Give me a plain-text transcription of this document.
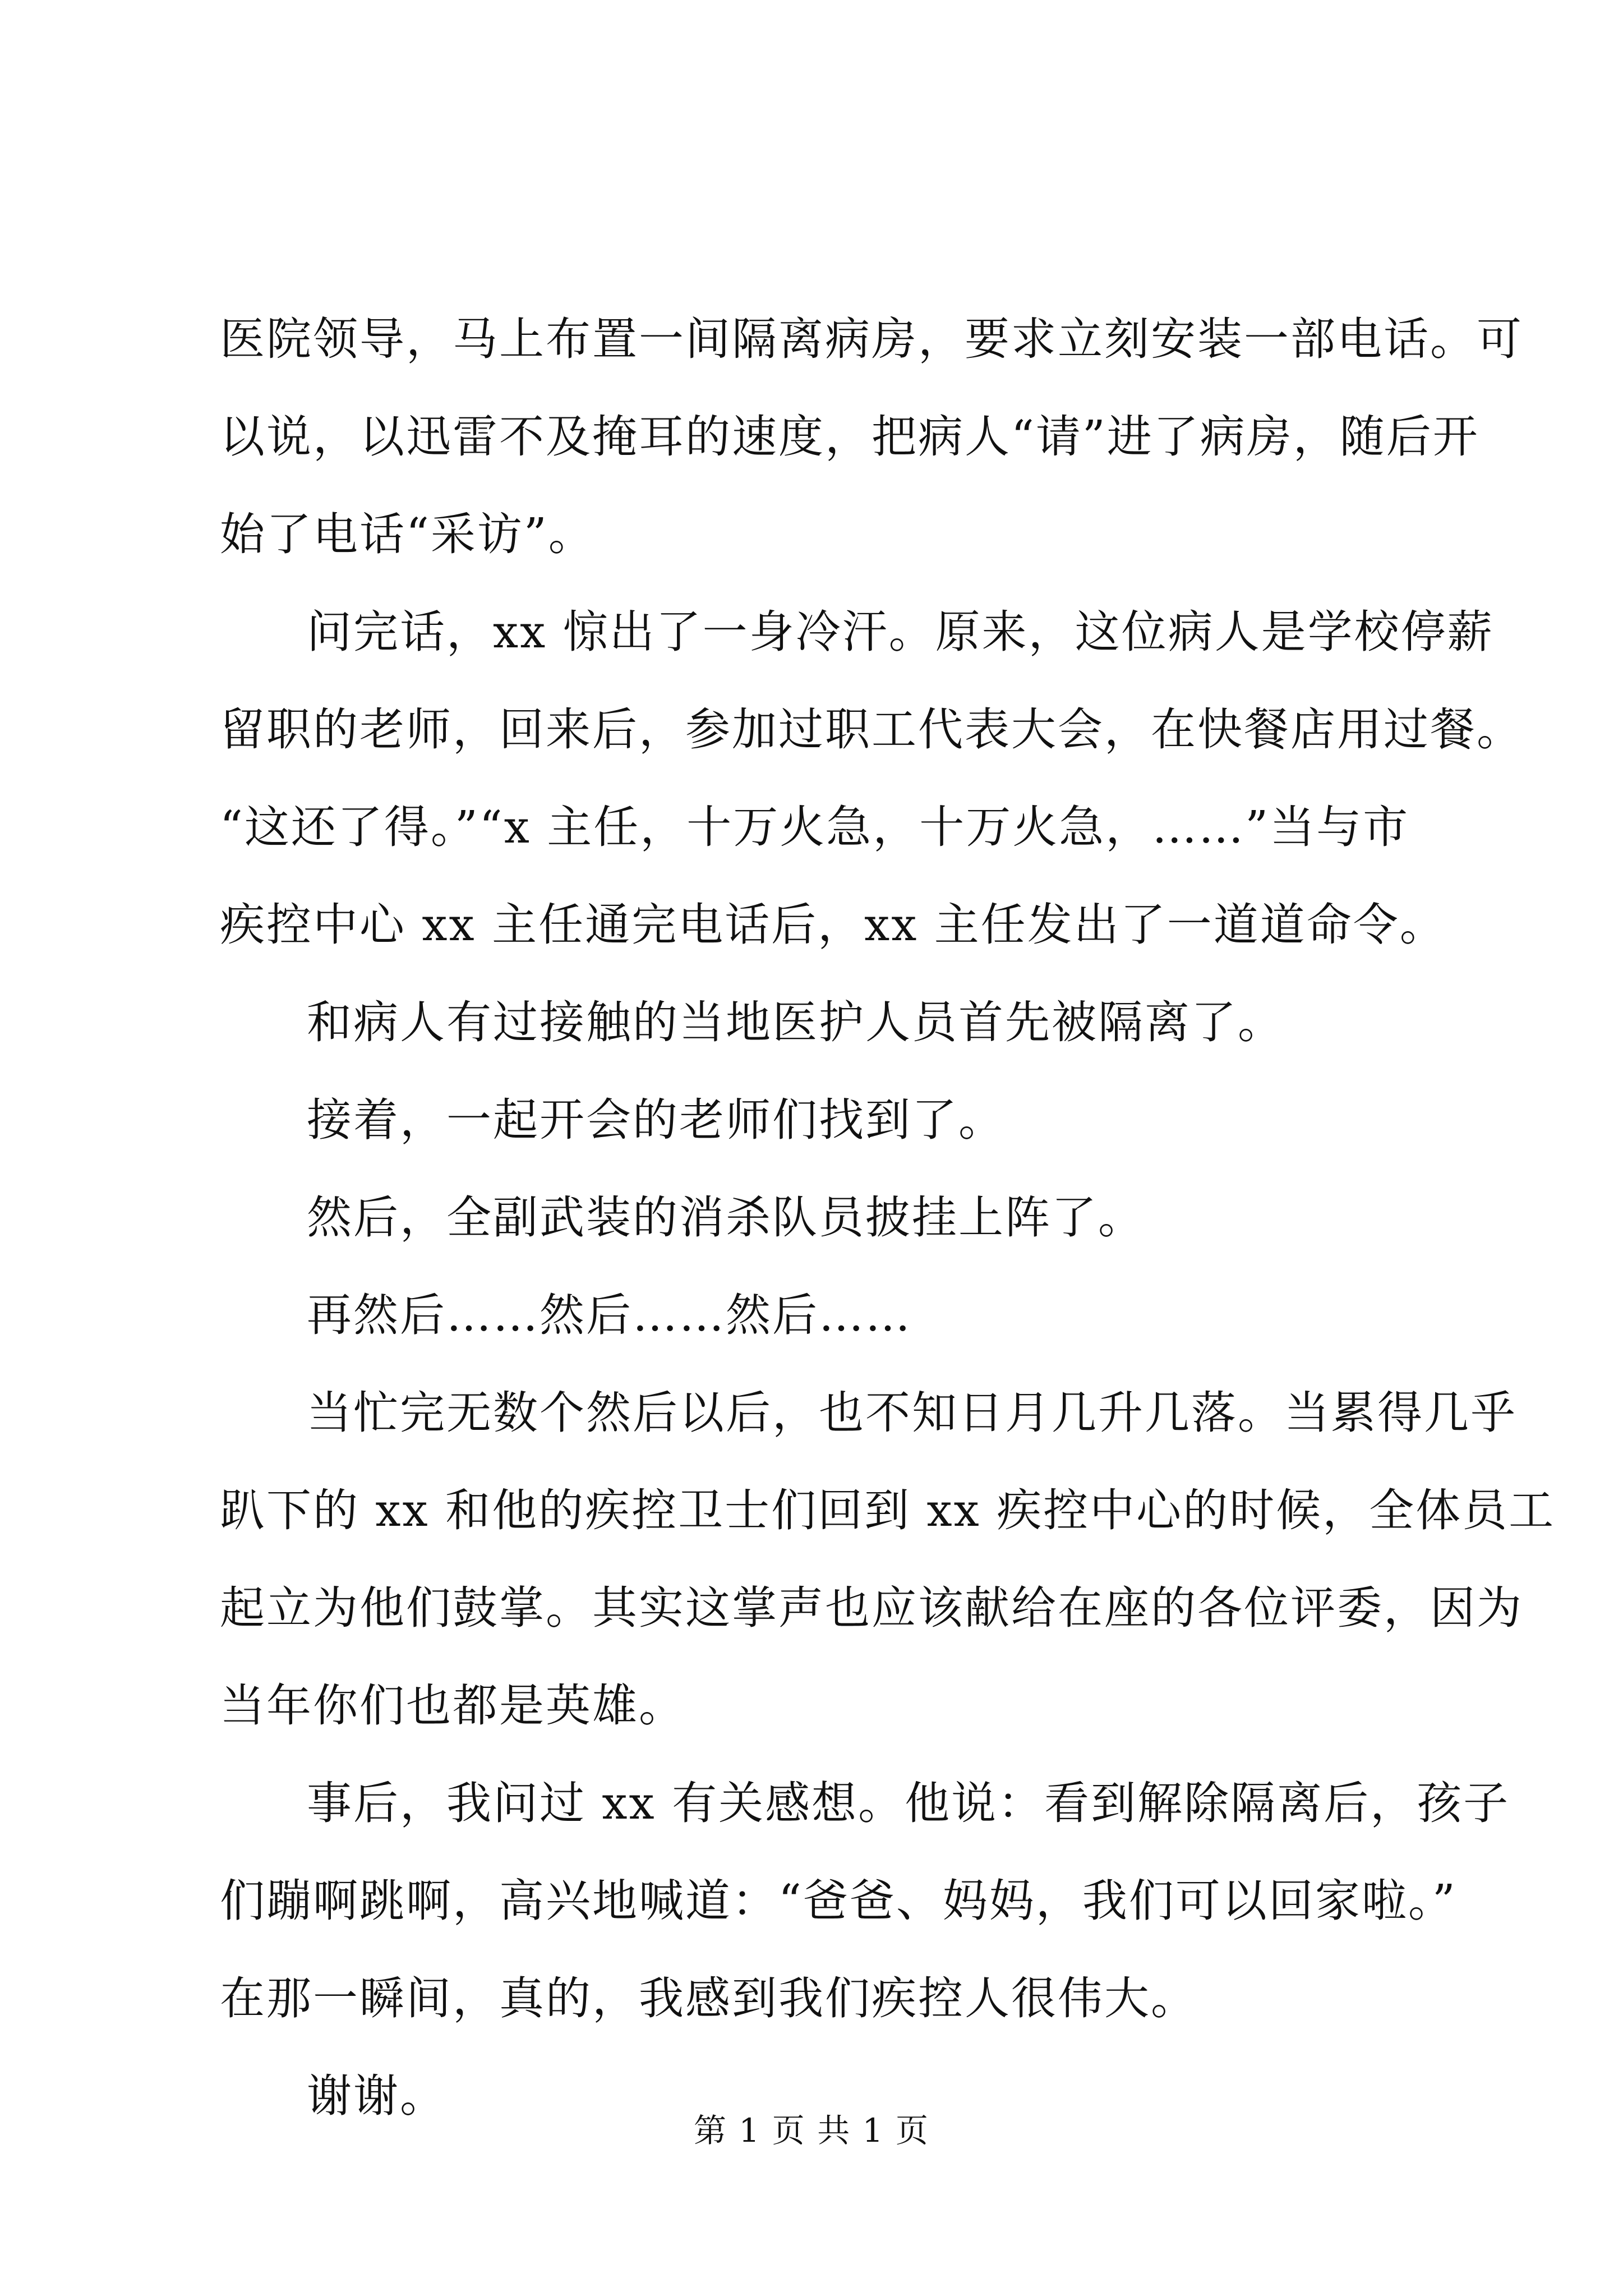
医院领导，马上布置一间隔离病房，要求立刻安装一部电话。可
以说，以迅雷不及掩耳的速度，把病人“请”进了病房，随后开
始了电话“采访”。
问完话，xx 惊出了一身冷汗。原来，这位病人是学校停薪
留职的老师，回来后，参加过职工代表大会，在快餐店用过餐。
“这还了得。”“x 主任，十万火急，十万火急，……”当与市
疾控中心 xx 主任通完电话后，xx 主任发出了一道道命令。
和病人有过接触的当地医护人员首先被隔离了。
接着，一起开会的老师们找到了。
然后，全副武装的消杀队员披挂上阵了。
再然后……然后……然后……
当忙完无数个然后以后，也不知日月几升几落。当累得几乎
趴下的 xx 和他的疾控卫士们回到 xx 疾控中心的时候，全体员工
起立为他们鼓掌。其实这掌声也应该献给在座的各位评委，因为
当年你们也都是英雄。
事后，我问过 xx 有关感想。他说：看到解除隔离后，孩子
们蹦啊跳啊，高兴地喊道：“爸爸、妈妈，我们可以回家啦。”
在那一瞬间，真的，我感到我们疾控人很伟大。
谢谢。
第 1 页 共 1 页
